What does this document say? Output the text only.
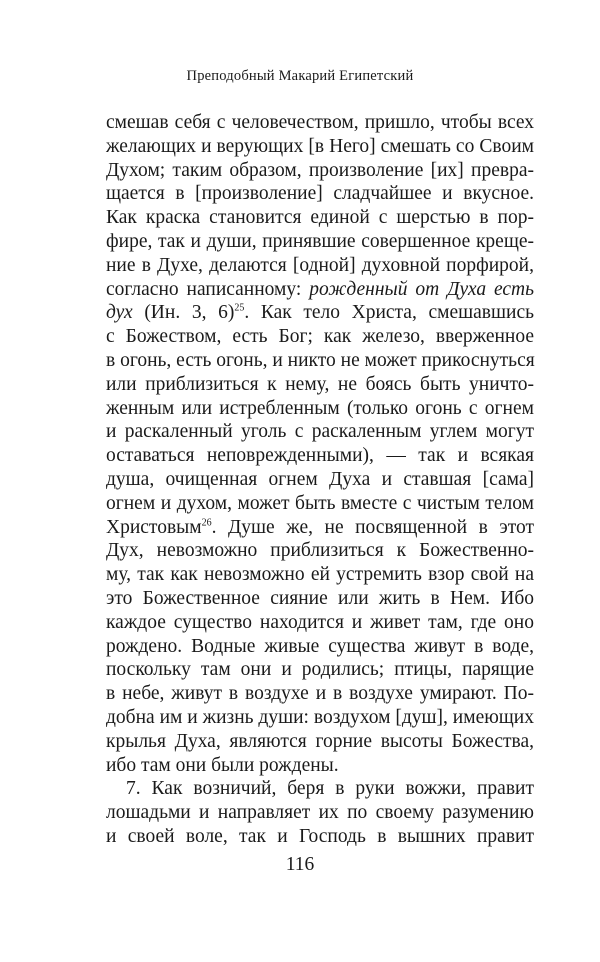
Преподобный Макарий Египетский
смешав себя с человечеством, пришло, чтобы всех
желающих и верующих [в Него] смешать со Своим
Духом; таким образом, произволение [их] превра-
щается в [произволение] сладчайшее и вкусное.
Как краска становится единой с шерстью в пор-
фире, так и души, принявшие совершенное креще-
ние в Духе, делаются [одной] духовной порфирой,
согласно написанному: рожденный от Духа есть
дух (Ин. 3, 6)$^{25}$. Как тело Христа, смешавшись
с Божеством, есть Бог; как железо, вверженное
в огонь, есть огонь, и никто не может прикоснуться
или приблизиться к нему, не боясь быть уничто-
женным или истребленным (только огонь с огнем
и раскаленный уголь с раскаленным углем могут
оставаться неповрежденными), — так и всякая
душа, очищенная огнем Духа и ставшая [сама]
огнем и духом, может быть вместе с чистым телом
Христовым$^{26}$. Душе же, не посвященной в этот
Дух, невозможно приблизиться к Божественно-
му, так как невозможно ей устремить взор свой на
это Божественное сияние или жить в Нем. Ибо
каждое существо находится и живет там, где оно
рождено. Водные живые существа живут в воде,
поскольку там они и родились; птицы, парящие
в небе, живут в воздухе и в воздухе умирают. По-
добна им и жизнь души: воздухом [душ], имеющих
крылья Духа, являются горние высоты Божества,
ибо там они были рождены.
7. Как возничий, беря в руки вожжи, правит
лошадьми и направляет их по своему разумению
и своей воле, так и Господь в вышних правит
116
